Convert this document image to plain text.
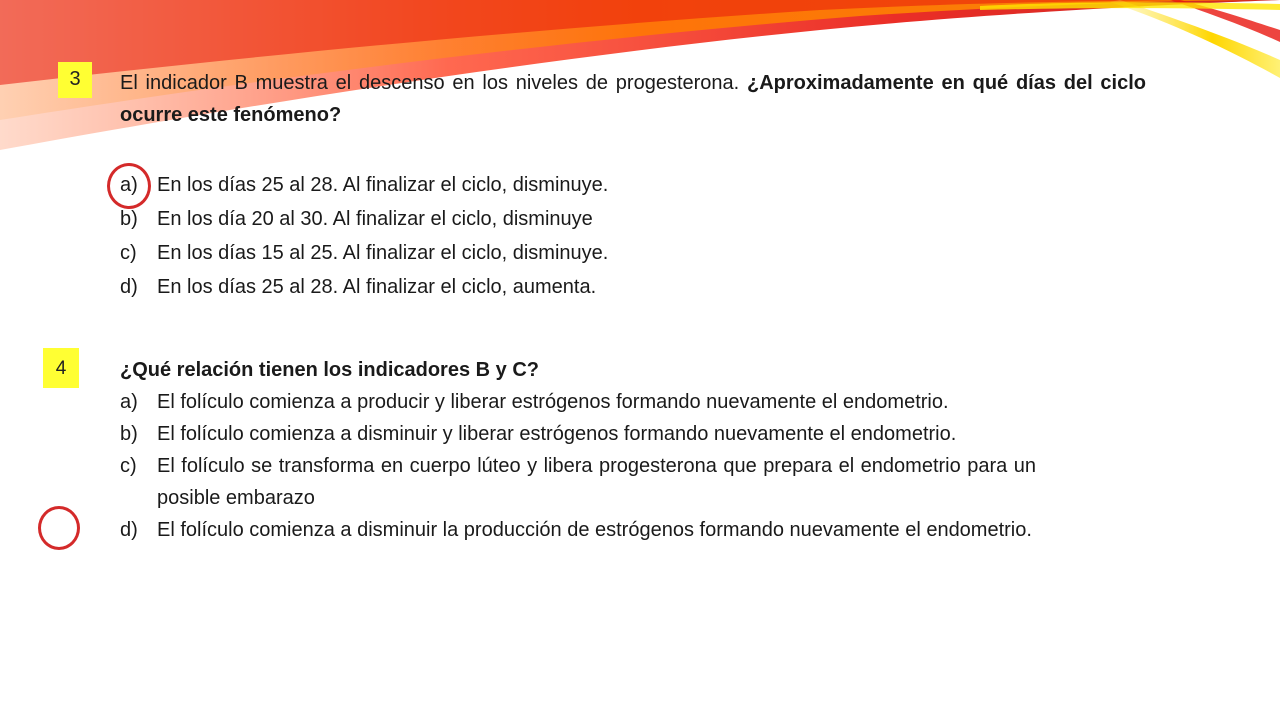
3	El indicador B muestra el descenso en los niveles de progesterona. ¿Aproximadamente en qué días del ciclo ocurre este fenómeno?

a) En los días 25 al 28. Al finalizar el ciclo, disminuye.
b) En los día 20 al 30. Al finalizar el ciclo, disminuye
c) En los días 15 al 25. Al finalizar el ciclo, disminuye.
d) En los días 25 al 28. Al finalizar el ciclo, aumenta.
4	¿Qué relación tienen los indicadores B y C?

a) El folículo comienza a producir y liberar estrógenos formando nuevamente el endometrio.
b) El folículo comienza a disminuir y liberar estrógenos formando nuevamente el endometrio.
c) El folículo se transforma en cuerpo lúteo y libera progesterona que prepara el endometrio para un posible embarazo
d) El folículo comienza a disminuir la producción de estrógenos formando nuevamente el endometrio.
